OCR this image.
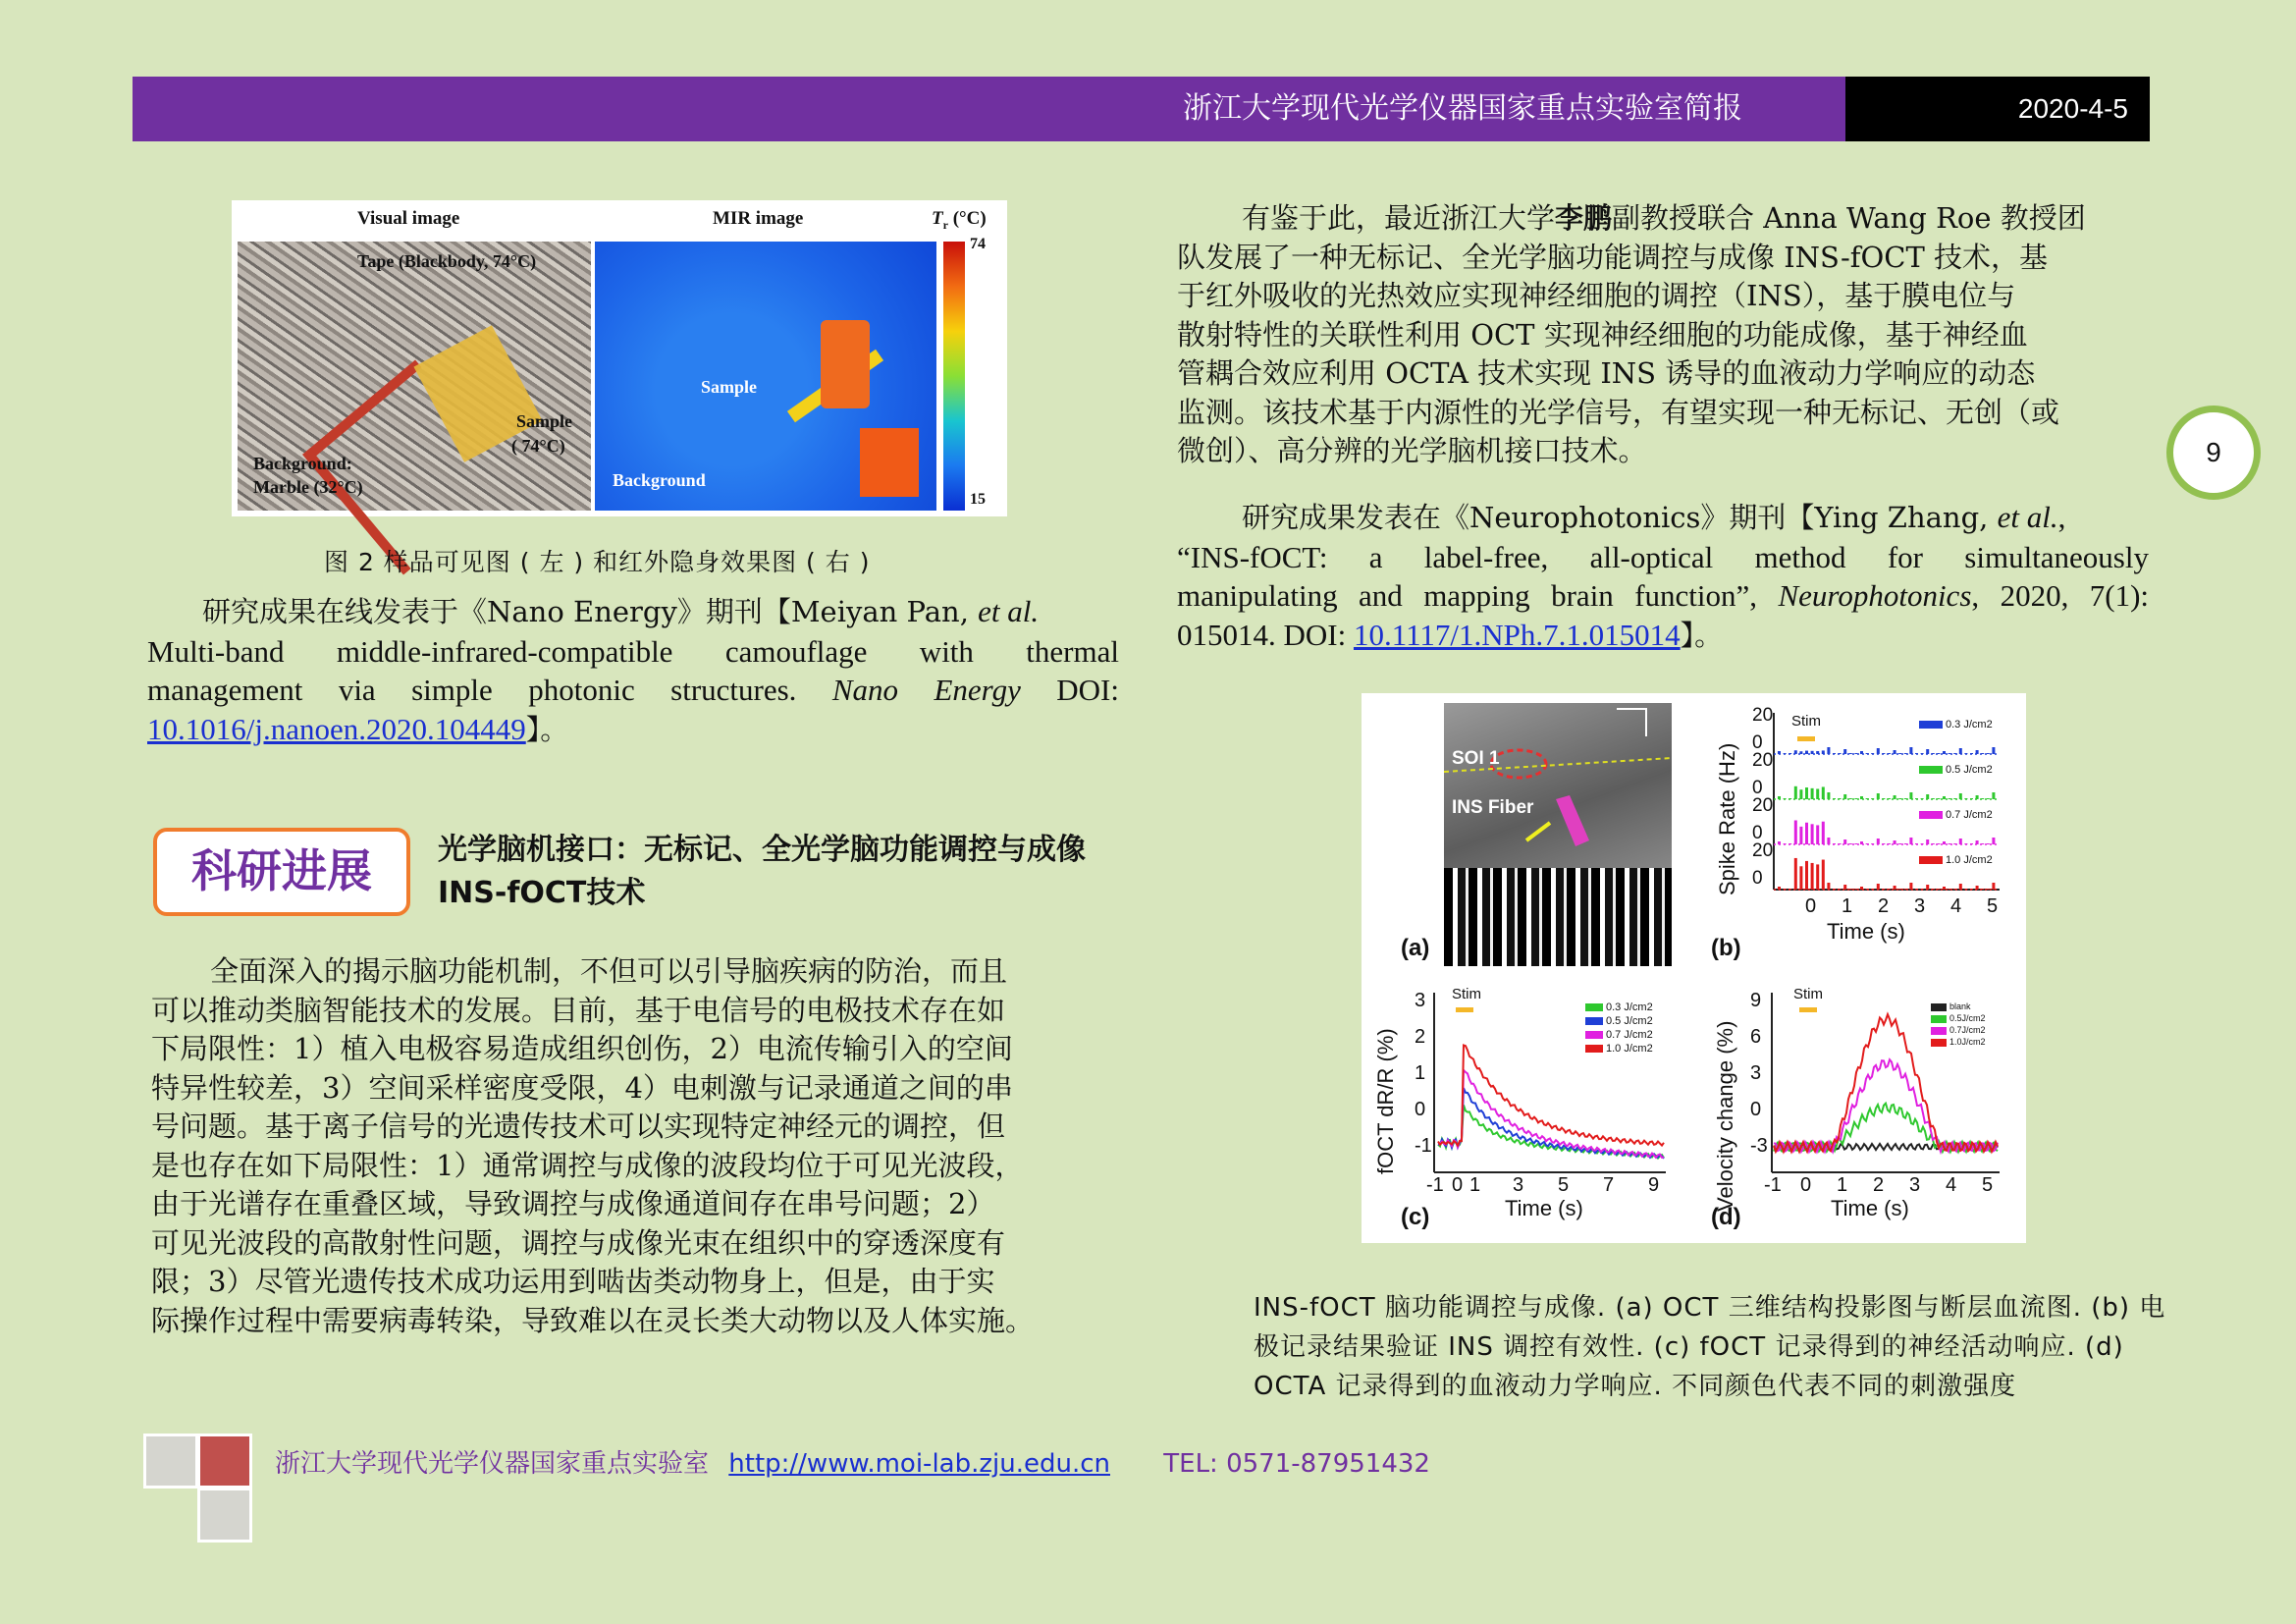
浙江大学现代光学仪器国家重点实验室简报	2020-4-5
9
Visual image	MIR image	$T_r$ (°C)
74
15
Tape (Blackbody, 74°C)
Sample
( 74°C)
Background:
Marble (32°C)
Sample
Background
图 2 样品可见图 ( 左 ) 和红外隐身效果图 ( 右 )
研究成果在线发表于《Nano Energy》期刊【Meiyan Pan, et al.
Multi-band middle-infrared-compatible camouflage with thermal
management via simple photonic structures. Nano Energy DOI:
10.1016/j.nanoen.2020.104449】。
科研进展	光学脑机接口：无标记、全光学脑功能调控与成像INS-fOCT技术
全面深入的揭示脑功能机制，不但可以引导脑疾病的防治，而且
可以推动类脑智能技术的发展。目前，基于电信号的电极技术存在如
下局限性：1）植入电极容易造成组织创伤，2）电流传输引入的空间
特异性较差，3）空间采样密度受限，4）电刺激与记录通道之间的串
号问题。基于离子信号的光遗传技术可以实现特定神经元的调控，但
是也存在如下局限性：1）通常调控与成像的波段均位于可见光波段，
由于光谱存在重叠区域，导致调控与成像通道间存在串号问题；2）
可见光波段的高散射性问题，调控与成像光束在组织中的穿透深度有
限；3）尽管光遗传技术成功运用到啮齿类动物身上，但是，由于实
际操作过程中需要病毒转染，导致难以在灵长类大动物以及人体实施。
有鉴于此，最近浙江大学李鹏副教授联合 Anna Wang Roe 教授团
队发展了一种无标记、全光学脑功能调控与成像 INS-fOCT 技术，基
于红外吸收的光热效应实现神经细胞的调控（INS），基于膜电位与
散射特性的关联性利用 OCT 实现神经细胞的功能成像，基于神经血
管耦合效应利用 OCTA 技术实现 INS 诱导的血液动力学响应的动态
监测。该技术基于内源性的光学信号，有望实现一种无标记、无创（或
微创）、高分辨的光学脑机接口技术。
研究成果发表在《Neurophotonics》期刊【Ying Zhang, et al.,
“INS-fOCT: a label-free, all-optical method for simultaneously
manipulating and mapping brain function”, Neurophotonics, 2020, 7(1):
015014. DOI: 10.1117/1.NPh.7.1.015014】。
SOI 1
INS Fiber
(a)	(b)
(c)	(d)
Stim
Stim	Stim
Spike Rate (Hz)
Time (s)
fOCT dR/R (%)
Time (s)	Velocity change (%)	Time (s)
20
0
20
0
20
0
20
0
0 1 2 3 4 5
3
2
1
0
-1
-1 0 1 3 5 7 9
9
6
3
0
-3
-1 0 1 2 3 4 5
0.3 J/cm2
0.5 J/cm2
0.7 J/cm2
1.0 J/cm2
0.3 J/cm2
0.5 J/cm2
0.7 J/cm2
1.0 J/cm2
blank
0.5J/cm2
0.7J/cm2
1.0J/cm2
INS-fOCT 脑功能调控与成像. (a) OCT 三维结构投影图与断层血流图. (b) 电极记录结果验证 INS 调控有效性. (c) fOCT 记录得到的神经活动响应. (d) OCTA 记录得到的血液动力学响应. 不同颜色代表不同的刺激强度
浙江大学现代光学仪器国家重点实验室 http://www.moi-lab.zju.edu.cn TEL: 0571-87951432
